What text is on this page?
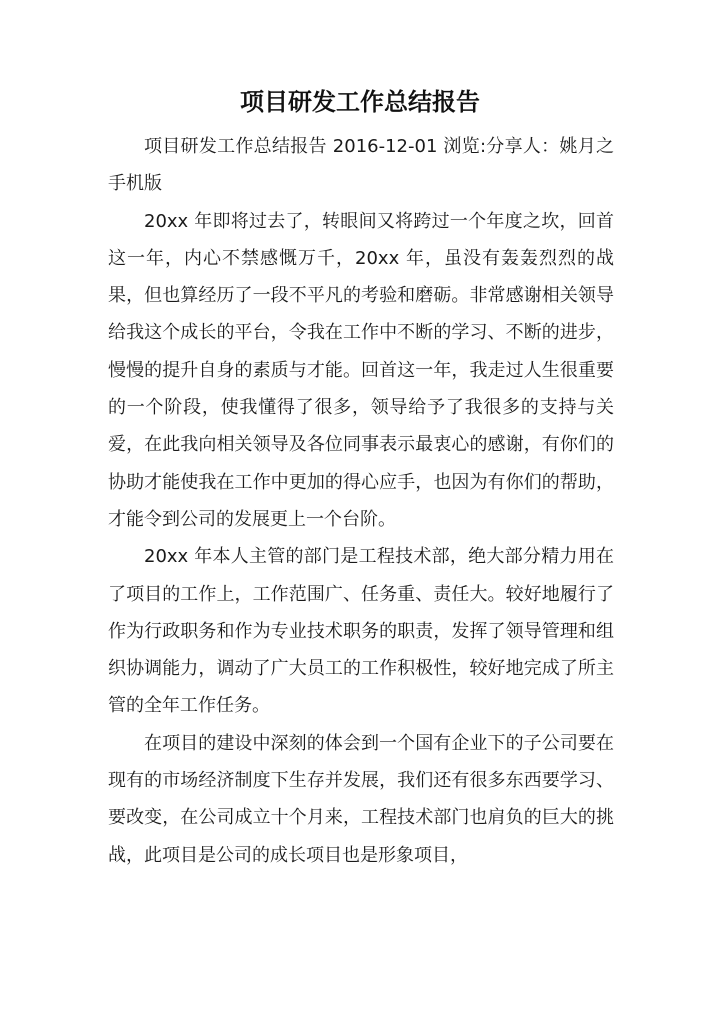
项目研发工作总结报告

项目研发工作总结报告 2016-12-01 浏览:分享人：姚月之手机版

20xx 年即将过去了，转眼间又将跨过一个年度之坎，回首这一年，内心不禁感慨万千，20xx 年，虽没有轰轰烈烈的战果，但也算经历了一段不平凡的考验和磨砺。非常感谢相关领导给我这个成长的平台，令我在工作中不断的学习、不断的进步，慢慢的提升自身的素质与才能。回首这一年，我走过人生很重要的一个阶段，使我懂得了很多，领导给予了我很多的支持与关爱，在此我向相关领导及各位同事表示最衷心的感谢，有你们的协助才能使我在工作中更加的得心应手，也因为有你们的帮助，才能令到公司的发展更上一个台阶。

20xx 年本人主管的部门是工程技术部，绝大部分精力用在了项目的工作上，工作范围广、任务重、责任大。较好地履行了作为行政职务和作为专业技术职务的职责，发挥了领导管理和组织协调能力，调动了广大员工的工作积极性，较好地完成了所主管的全年工作任务。

在项目的建设中深刻的体会到一个国有企业下的子公司要在现有的市场经济制度下生存并发展，我们还有很多东西要学习、要改变，在公司成立十个月来，工程技术部门也肩负的巨大的挑战，此项目是公司的成长项目也是形象项目，
